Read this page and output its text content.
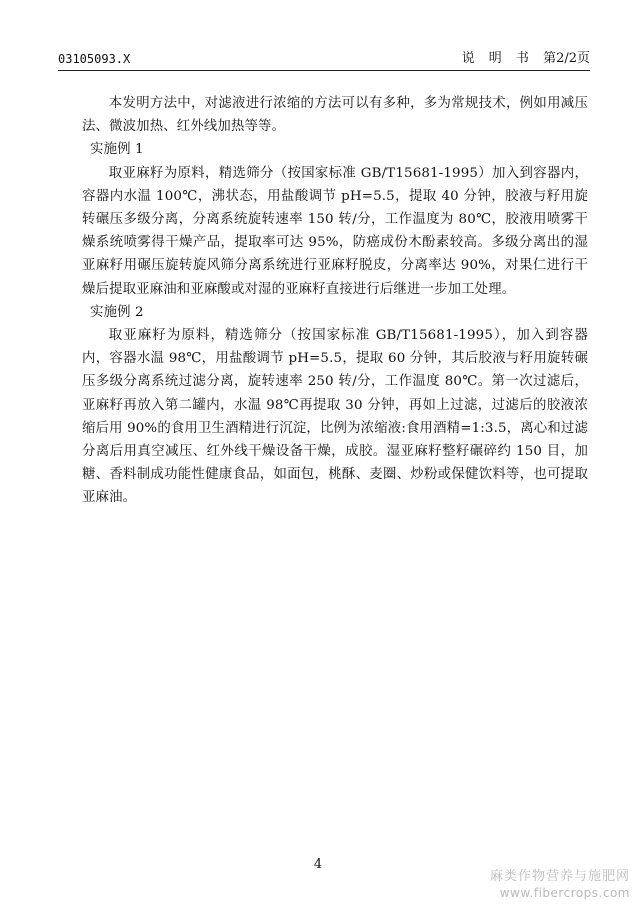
03105093.X	说 明 书 第2/2页

本发明方法中，对滤液进行浓缩的方法可以有多种，多为常规技术，例如用减压法、微波加热、红外线加热等等。

实施例 1

取亚麻籽为原料，精选筛分（按国家标准 GB/T15681-1995）加入到容器内，容器内水温 100℃，沸状态，用盐酸调节 pH=5.5，提取 40 分钟，胶液与籽用旋转碾压多级分离，分离系统旋转速率 150 转/分，工作温度为 80℃，胶液用喷雾干燥系统喷雾得干燥产品，提取率可达 95%，防癌成份木酚素较高。多级分离出的湿亚麻籽用碾压旋转旋风筛分离系统进行亚麻籽脱皮，分离率达 90%，对果仁进行干燥后提取亚麻油和亚麻酸或对湿的亚麻籽直接进行后继进一步加工处理。

实施例 2

取亚麻籽为原料，精选筛分（按国家标准 GB/T15681-1995），加入到容器内，容器水温 98℃，用盐酸调节 pH=5.5，提取 60 分钟，其后胶液与籽用旋转碾压多级分离系统过滤分离，旋转速率 250 转/分，工作温度 80℃。第一次过滤后，亚麻籽再放入第二罐内，水温 98℃再提取 30 分钟，再如上过滤，过滤后的胶液浓缩后用 90%的食用卫生酒精进行沉淀，比例为浓缩液:食用酒精=1:3.5，离心和过滤分离后用真空减压、红外线干燥设备干燥，成胶。湿亚麻籽整籽碾碎约 150 目，加糖、香料制成功能性健康食品，如面包，桃酥、麦圈、炒粉或保健饮料等，也可提取亚麻油。

4
麻类作物营养与施肥网
www.fibercrops.com
